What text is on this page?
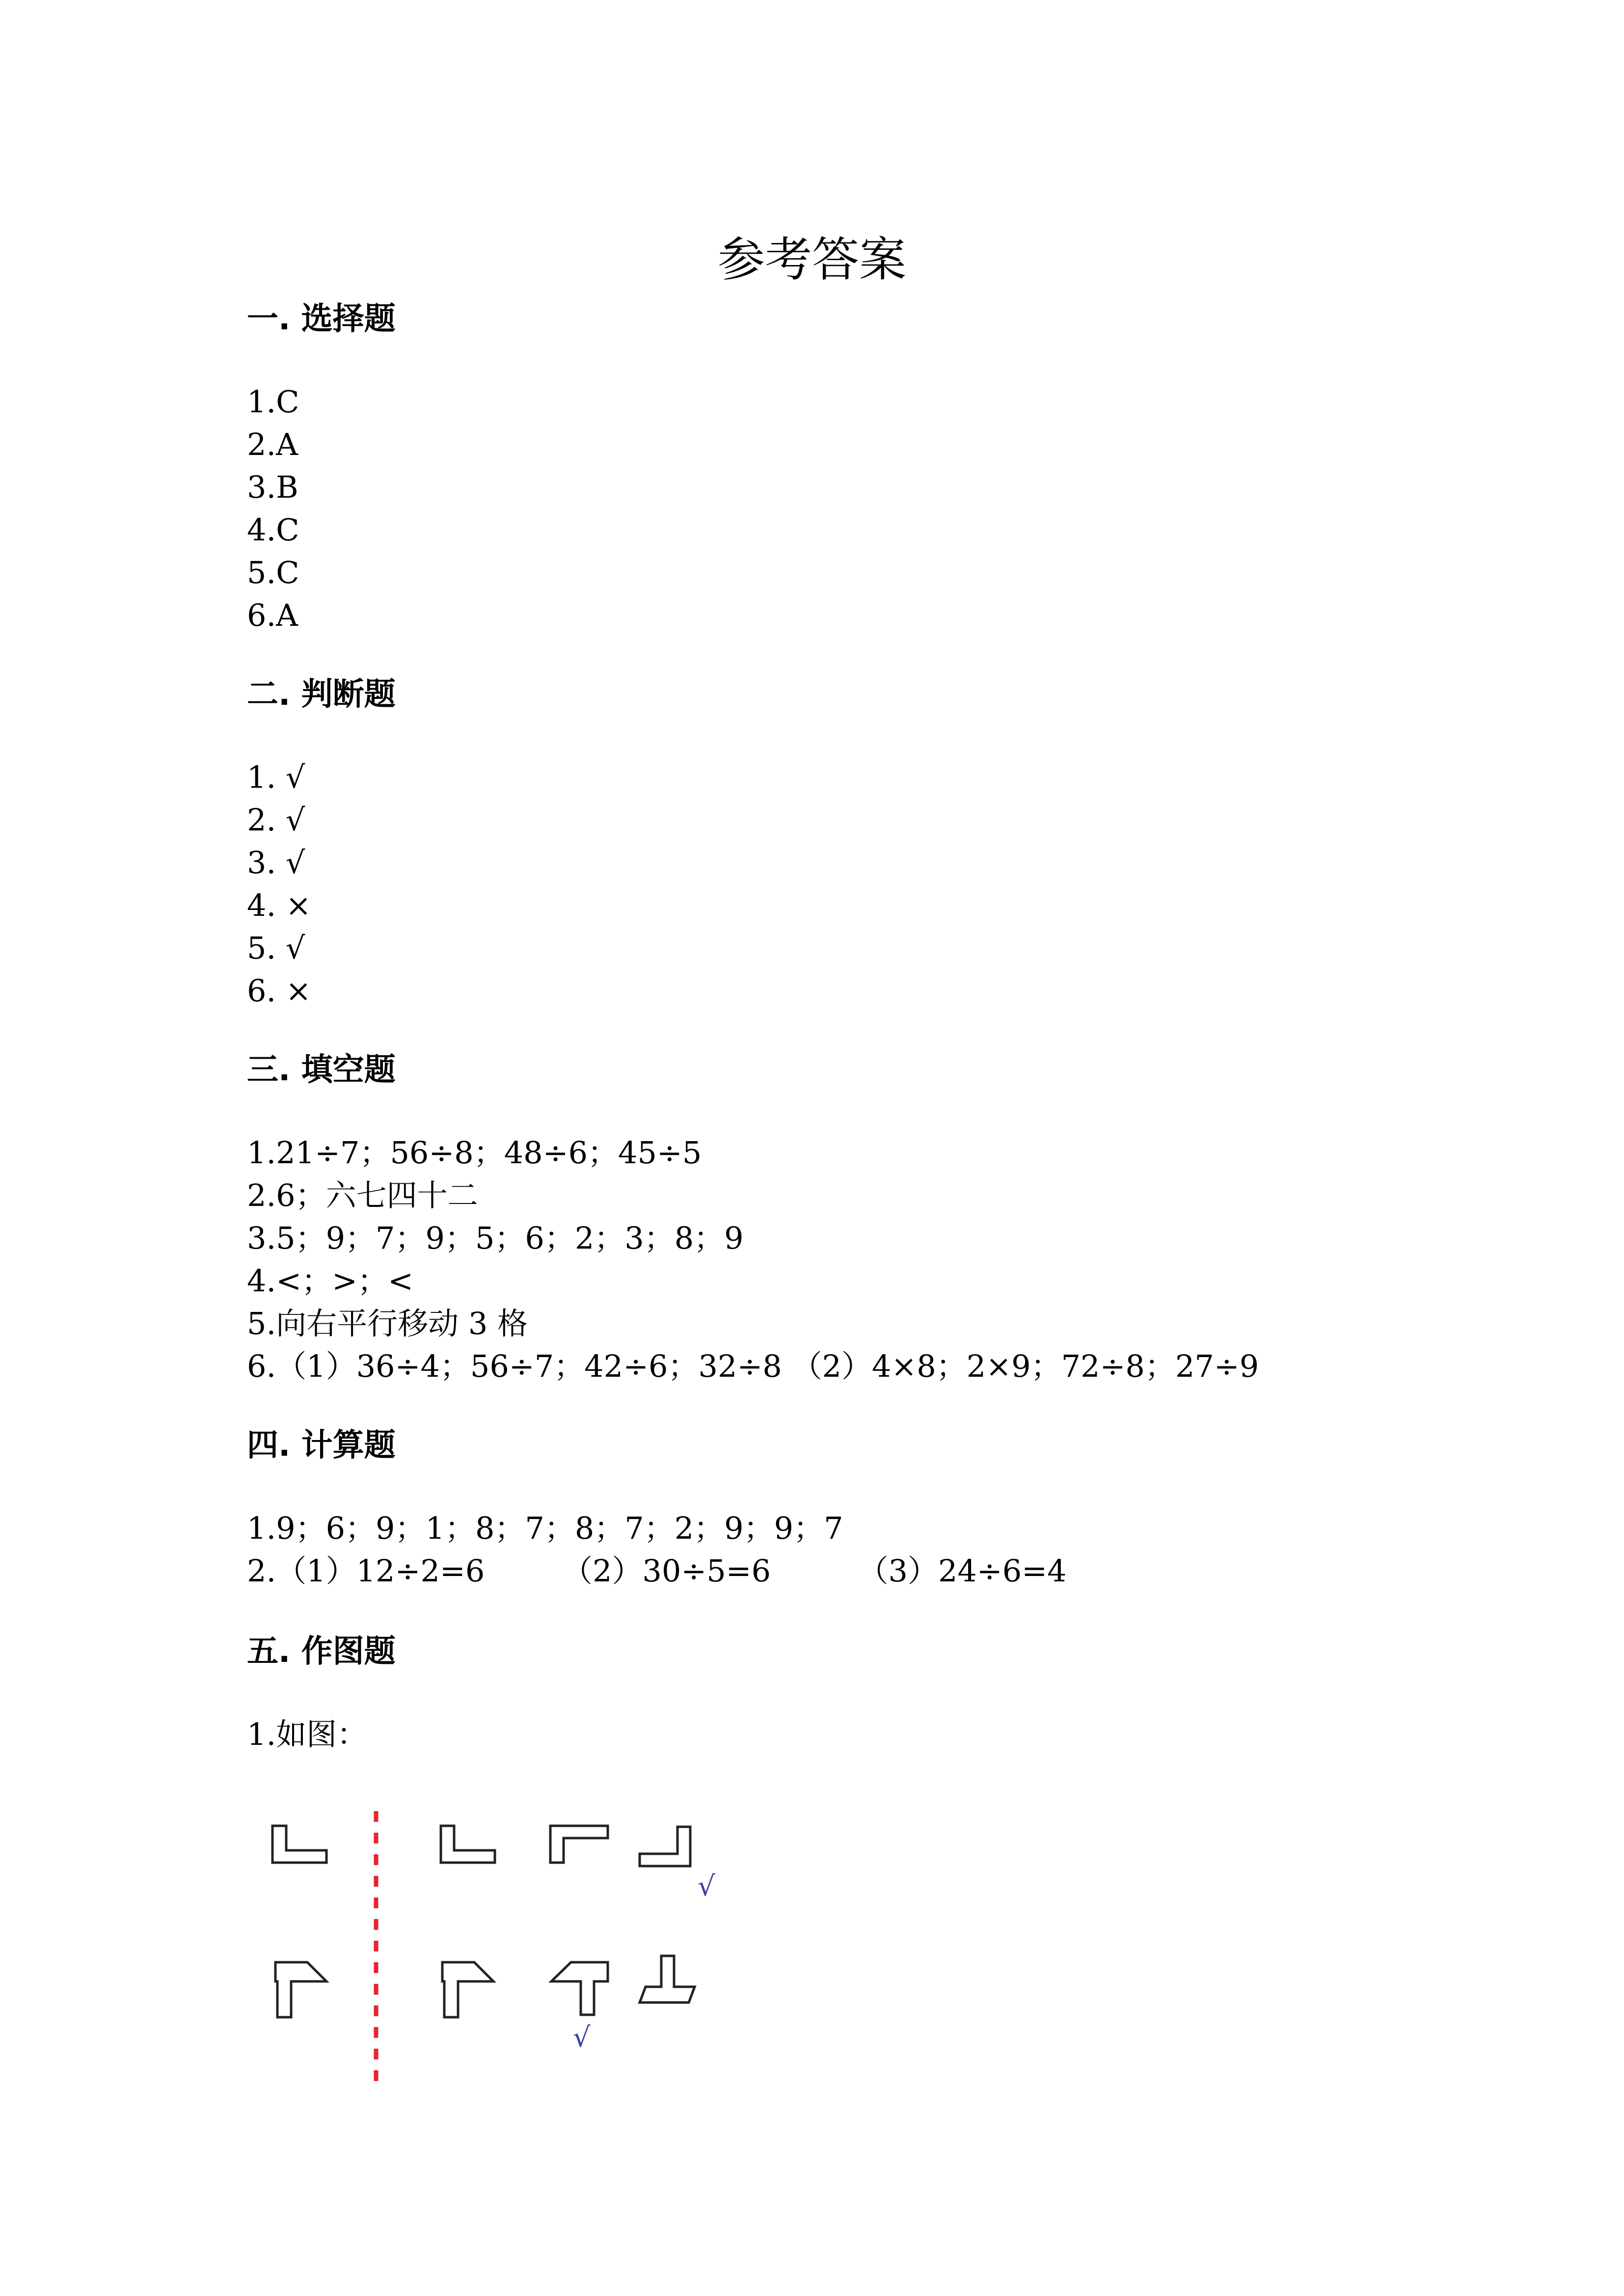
参考答案
一. 选择题
1.C
2.A
3.B
4.C
5.C
6.A
二. 判断题
1. √
2. √
3. √
4. ×
5. √
6. ×
三. 填空题
1.21÷7；56÷8；48÷6；45÷5
2.6；六七四十二
3.5；9；7；9；5；6；2；3；8；9
4.<；>；<
5.向右平行移动 3 格
6.（1）36÷4；56÷7；42÷6；32÷8 （2）4×8；2×9；72÷8；27÷9
四. 计算题
1.9；6；9；1；8；7；8；7；2；9；9；7
2.（1）12÷2=6        （2）30÷5=6         （3）24÷6=4
五. 作图题
1.如图：
√
√
